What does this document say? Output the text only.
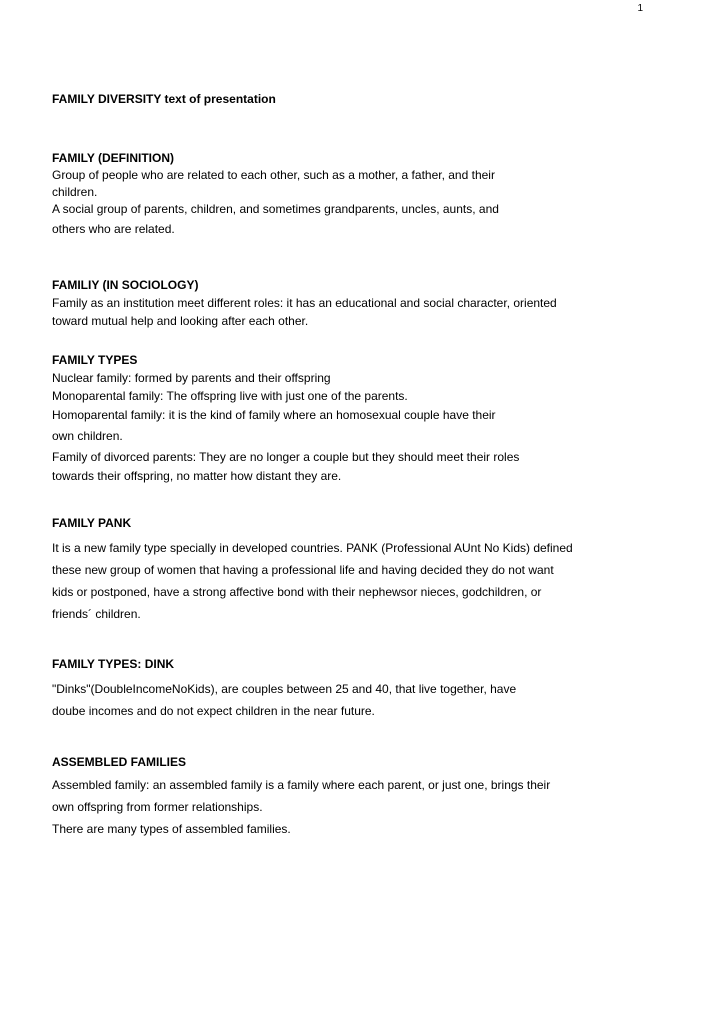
1
FAMILY DIVERSITY text of presentation
FAMILY (DEFINITION)
Group of people who are related to each other, such as a mother, a father, and their
children.
A social group of parents, children, and sometimes grandparents, uncles, aunts, and
others who are related.
FAMILIY (IN SOCIOLOGY)
Family as an institution meet different roles: it has an educational and social character, oriented
toward mutual help and looking after each other.
FAMILY TYPES
Nuclear family: formed by parents and their offspring
Monoparental family: The offspring live with just one of the parents.
Homoparental family: it is the kind of family where an homosexual couple have their
own children.
Family of divorced parents: They are no longer a couple but they should meet their roles
towards their offspring, no matter how distant they are.
FAMILY PANK
It is a new family type specially in developed countries. PANK (Professional AUnt No Kids) defined
these new group of women that having a professional life and having decided they do not want
kids or postponed, have a strong affective bond with their nephewsor nieces, godchildren, or
friends´ children.
FAMILY TYPES: DINK
"Dinks"(DoubleIncomeNoKids), are couples between 25 and 40, that live together, have
doube incomes and do not expect children in the near future.
ASSEMBLED FAMILIES
Assembled family: an assembled family is a family where each parent, or just one, brings their
own offspring from former relationships.
There are many types of assembled families.
